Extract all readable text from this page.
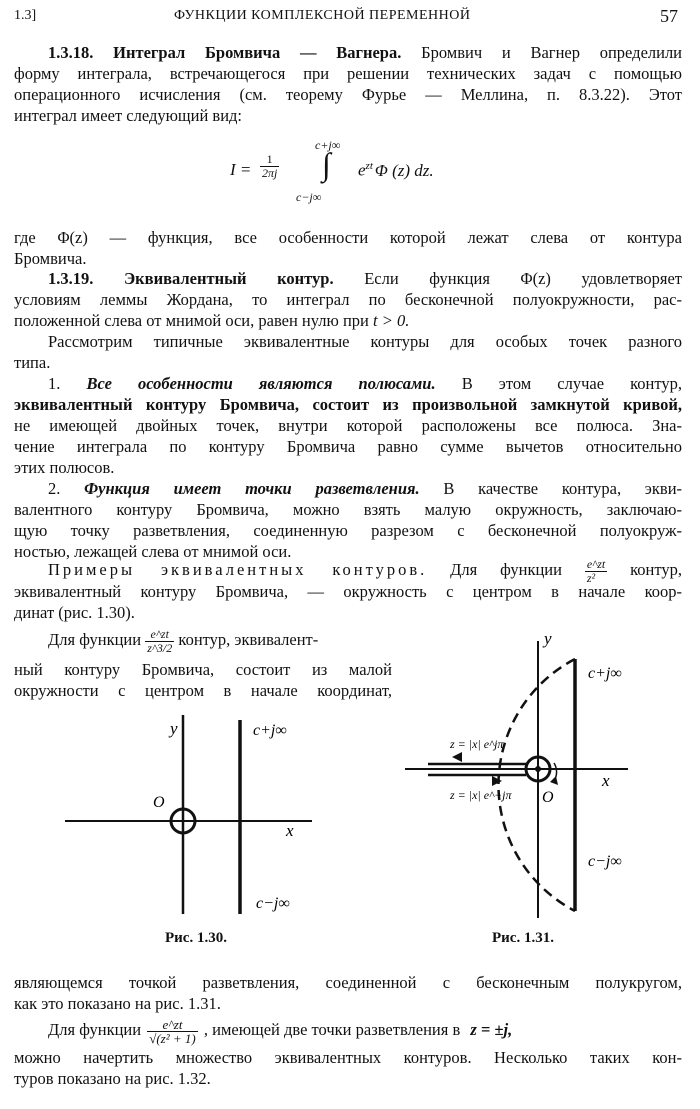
1.3]	ФУНКЦИИ КОМПЛЕКСНОЙ ПЕРЕМЕННОЙ	57
1.3.18. Интеграл Бромвича — Вагнера. Бромвич и Вагнер определили
форму интеграла, встречающегося при решении технических задач с помощью
операционного исчисления (см. теорему Фурье — Меллина, п. 8.3.22). Этот
интеграл имеет следующий вид:
$I = \frac{1}{2\pi j}$
c+j∞
∫
c−j∞
$e^{zt}$ Φ (z) dz.
где Φ(z) — функция, все особенности которой лежат слева от контура
Бромвича.
1.3.19. Эквивалентный контур. Если функция Φ(z) удовлетворяет
условиям леммы Жордана, то интеграл по бесконечной полуокружности, рас-
положенной слева от мнимой оси, равен нулю при t > 0.
Рассмотрим типичные эквивалентные контуры для особых точек разного
типа.
1. Все особенности являются полюсами. В этом случае контур,
эквивалентный контуру Бромвича, состоит из произвольной замкнутой кривой,
не имеющей двойных точек, внутри которой расположены все полюса. Зна-
чение интеграла по контуру Бромвича равно сумме вычетов относительно
этих полюсов.
2. Функция имеет точки разветвления. В качестве контура, экви-
валентного контуру Бромвича, можно взять малую окружность, заключаю-
щую точку разветвления, соединенную разрезом с бесконечной полуокруж-
ностью, лежащей слева от мнимой оси.
Примеры эквивалентных контуров. Для функции $\frac{e\^{}zt}{\text{z²}}$ контур,
эквивалентный контуру Бромвича, — окружность с центром в начале коор-
динат (рис. 1.30).
Для функции $\frac{e\^{}zt}{z\^{}3/2}$ контур, эквивалент-
ный контуру Бромвича, состоит из малой
окружности с центром в начале координат,
y
x
O
c+j∞
c−j∞
Рис. 1.30.
z = |x| e^jπ
z = |x| e^−jπ
y
x
O
c+j∞
c−j∞
Рис. 1.31.
являющемся точкой разветвления, соединенной с бесконечным полукругом,
как это показано на рис. 1.31.
Для функции $\frac{e\^{}zt}{\text{√(z² + 1)}}$ , имеющей две точки разветвления в z = ±j,
можно начертить множество эквивалентных контуров. Несколько таких кон-
туров показано на рис. 1.32.
